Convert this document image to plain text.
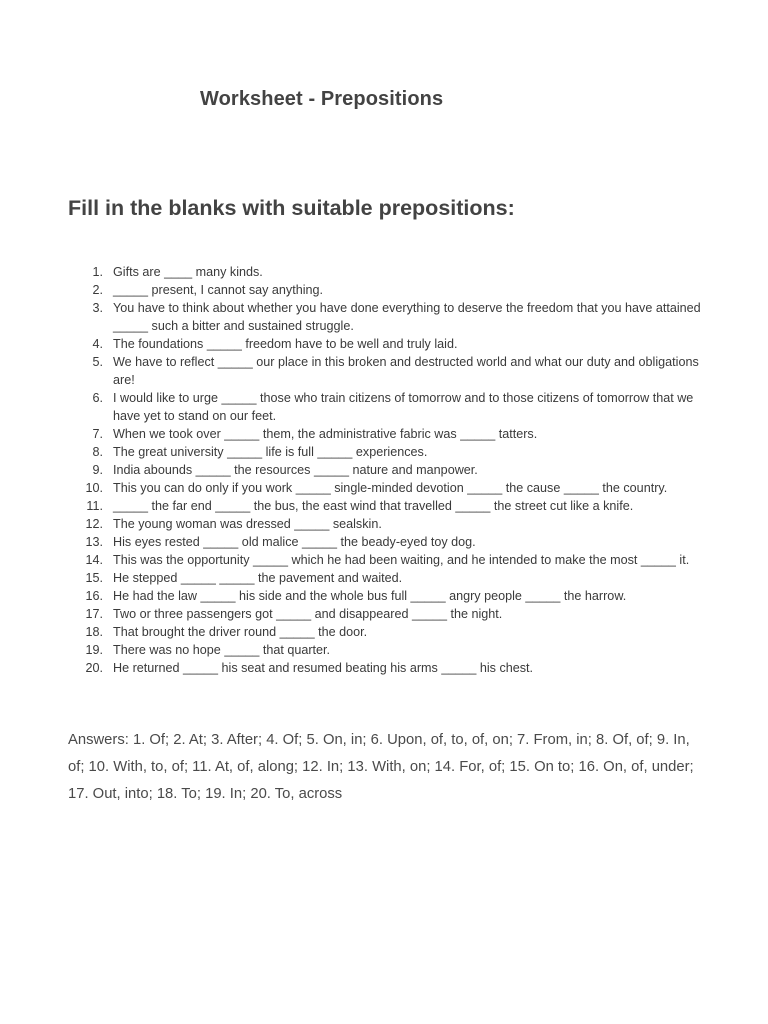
Worksheet - Prepositions
Fill in the blanks with suitable prepositions:
1. Gifts are ____ many kinds.
2. _____ present, I cannot say anything.
3. You have to think about whether you have done everything to deserve the freedom that you have attained _____ such a bitter and sustained struggle.
4. The foundations _____ freedom have to be well and truly laid.
5. We have to reflect _____ our place in this broken and destructed world and what our duty and obligations are!
6. I would like to urge _____ those who train citizens of tomorrow and to those citizens of tomorrow that we have yet to stand on our feet.
7. When we took over _____ them, the administrative fabric was _____ tatters.
8. The great university _____ life is full _____ experiences.
9. India abounds _____ the resources _____ nature and manpower.
10. This you can do only if you work _____ single-minded devotion _____ the cause _____ the country.
11. _____ the far end _____ the bus, the east wind that travelled _____ the street cut like a knife.
12. The young woman was dressed _____ sealskin.
13. His eyes rested _____ old malice _____ the beady-eyed toy dog.
14. This was the opportunity _____ which he had been waiting, and he intended to make the most _____ it.
15. He stepped _____ _____ the pavement and waited.
16. He had the law _____ his side and the whole bus full _____ angry people _____ the harrow.
17. Two or three passengers got _____ and disappeared _____ the night.
18. That brought the driver round _____ the door.
19. There was no hope _____ that quarter.
20. He returned _____ his seat and resumed beating his arms _____ his chest.

Answers: 1. Of; 2. At; 3. After; 4. Of; 5. On, in; 6. Upon, of, to, of, on; 7. From, in; 8. Of, of; 9. In, of; 10. With, to, of; 11. At, of, along; 12. In; 13. With, on; 14. For, of; 15. On to; 16. On, of, under; 17. Out, into; 18. To; 19. In; 20. To, across
